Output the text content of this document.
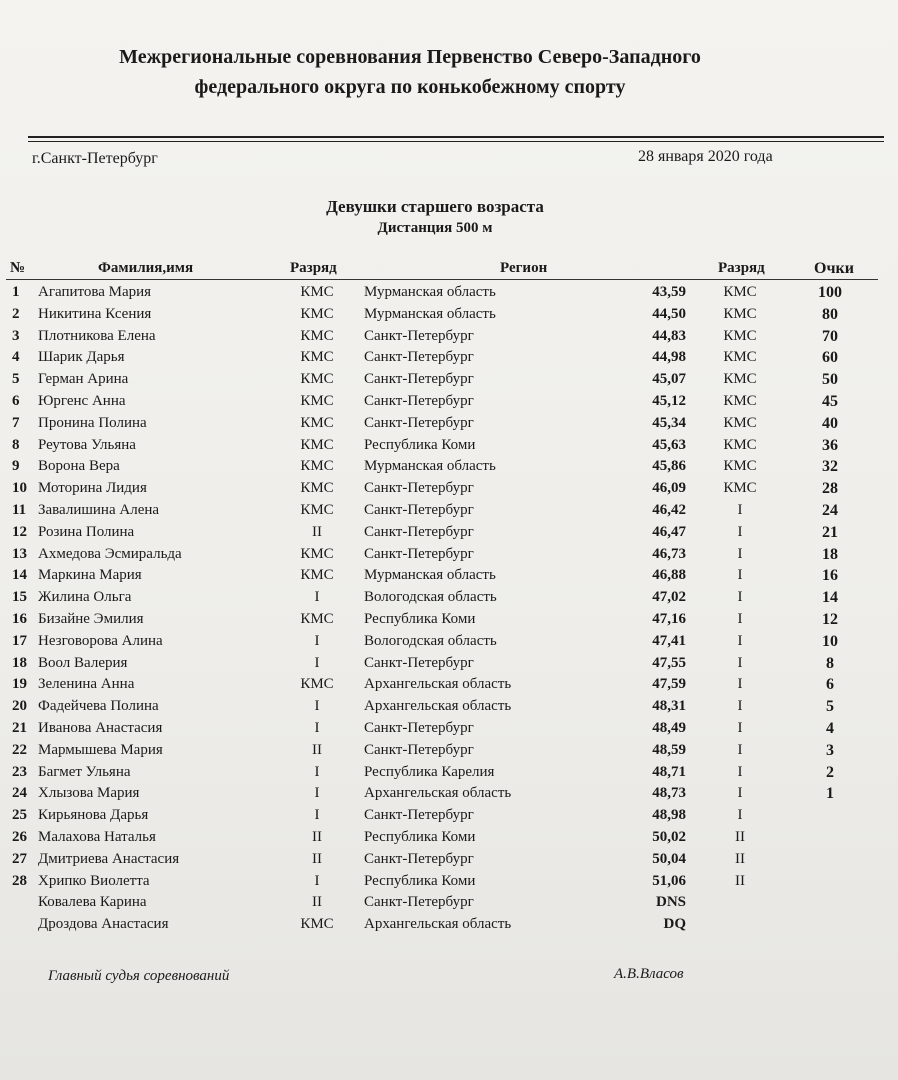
Межрегиональные соревнования Первенство Северо-Западного
федерального округа по конькобежному спорту
г.Санкт-Петербург	28 января 2020 года
Девушки старшего возраста
Дистанция 500 м
№	Фамилия,имя	Разряд	Регион	Разряд	Очки
1	Агапитова Мария	КМС	Мурманская область	43,59	КМС	100
2	Никитина Ксения	КМС	Мурманская область	44,50	КМС	80
3	Плотникова Елена	КМС	Санкт-Петербург	44,83	КМС	70
4	Шарик Дарья	КМС	Санкт-Петербург	44,98	КМС	60
5	Герман Арина	КМС	Санкт-Петербург	45,07	КМС	50
6	Юргенс Анна	КМС	Санкт-Петербург	45,12	КМС	45
7	Пронина Полина	КМС	Санкт-Петербург	45,34	КМС	40
8	Реутова Ульяна	КМС	Республика Коми	45,63	КМС	36
9	Ворона Вера	КМС	Мурманская область	45,86	КМС	32
10 Моторина Лидия	КМС	Санкт-Петербург	46,09	КМС	28
11 Завалишина Алена	КМС	Санкт-Петербург	46,42	I	24
12 Розина Полина	II	Санкт-Петербург	46,47	I	21
13 Ахмедова Эсмиральда	КМС	Санкт-Петербург	46,73	I	18
14 Маркина Мария	КМС	Мурманская область	46,88	I	16
15 Жилина Ольга	I	Вологодская область	47,02	I	14
16 Бизайне Эмилия	КМС	Республика Коми	47,16	I	12
17 Незговорова Алина	I	Вологодская область	47,41	I	10
18 Воол Валерия	I	Санкт-Петербург	47,55	I	8
19 Зеленина Анна	КМС	Архангельская область	47,59	I	6
20 Фадейчева Полина	I	Архангельская область	48,31	I	5
21 Иванова Анастасия	I	Санкт-Петербург	48,49	I	4
22 Мармышева Мария	II	Санкт-Петербург	48,59	I	3
23 Багмет Ульяна	I	Республика Карелия	48,71	I	2
24 Хлызова Мария	I	Архангельская область	48,73	I	1
25 Кирьянова Дарья	I	Санкт-Петербург	48,98	I
26 Малахова Наталья	II	Республика Коми	50,02	II
27 Дмитриева Анастасия	II	Санкт-Петербург	50,04	II
28 Хрипко Виолетта	I	Республика Коми	51,06	II
Ковалева Карина	II	Санкт-Петербург	DNS
Дроздова Анастасия	КМС	Архангельская область	DQ
Главный судья соревнований	А.В.Власов
